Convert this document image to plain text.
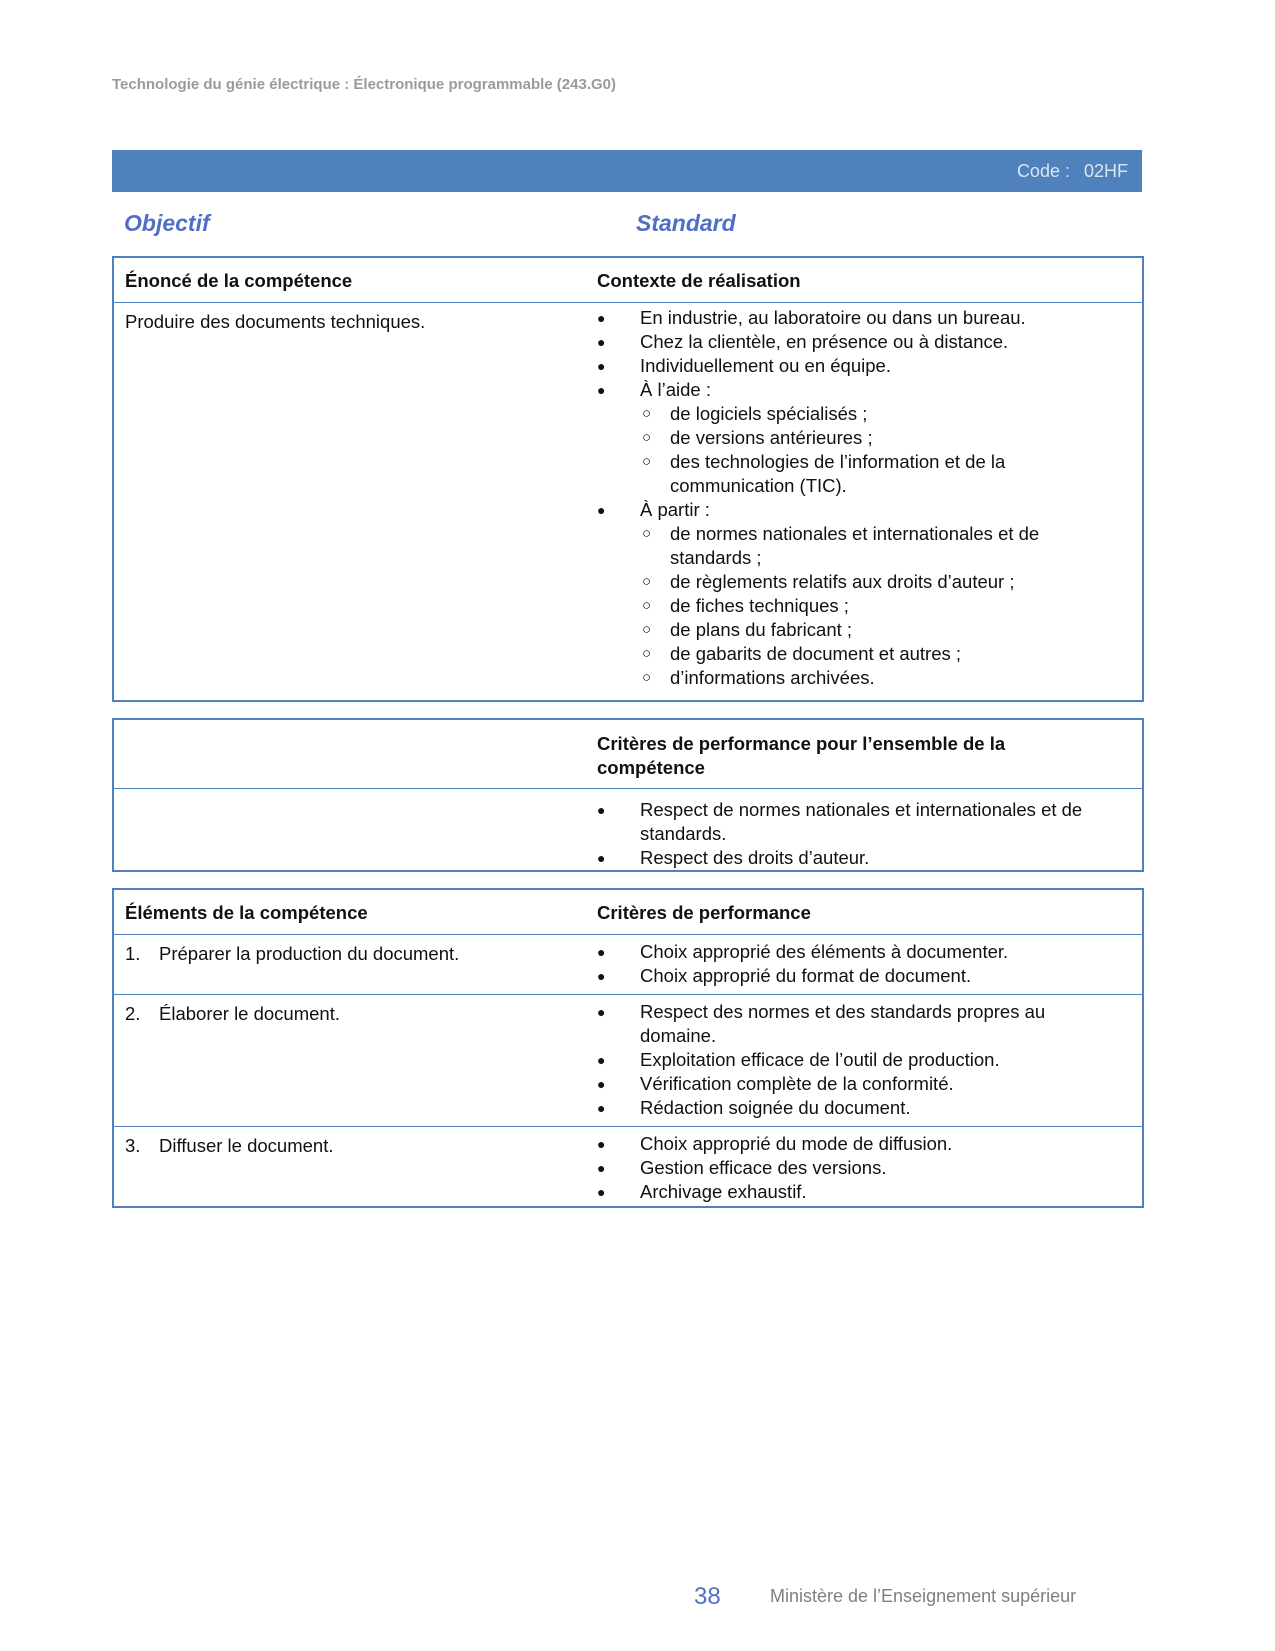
Technologie du génie électrique : Électronique programmable (243.G0)
Code : 02HF
Objectif	Standard
Énoncé de la compétence	Contexte de réalisation
Produire des documents techniques.	● En industrie, au laboratoire ou dans un bureau.
● Chez la clientèle, en présence ou à distance.
● Individuellement ou en équipe.
● À l’aide :
○ de logiciels spécialisés ;
○ de versions antérieures ;
○ des technologies de l’information et de la
communication (TIC).
● À partir :
○ de normes nationales et internationales et de
standards ;
○ de règlements relatifs aux droits d’auteur ;
○ de fiches techniques ;
○ de plans du fabricant ;
○ de gabarits de document et autres ;
○ d’informations archivées.
Critères de performance pour l’ensemble de la
compétence
● Respect de normes nationales et internationales et de
standards.
● Respect des droits d’auteur.
Éléments de la compétence	Critères de performance
1. Préparer la production du document.	● Choix approprié des éléments à documenter.
● Choix approprié du format de document.
2. Élaborer le document.	● Respect des normes et des standards propres au
domaine.
● Exploitation efficace de l’outil de production.
● Vérification complète de la conformité.
● Rédaction soignée du document.
3. Diffuser le document.	● Choix approprié du mode de diffusion.
● Gestion efficace des versions.
● Archivage exhaustif.
38	Ministère de l’Enseignement supérieur
